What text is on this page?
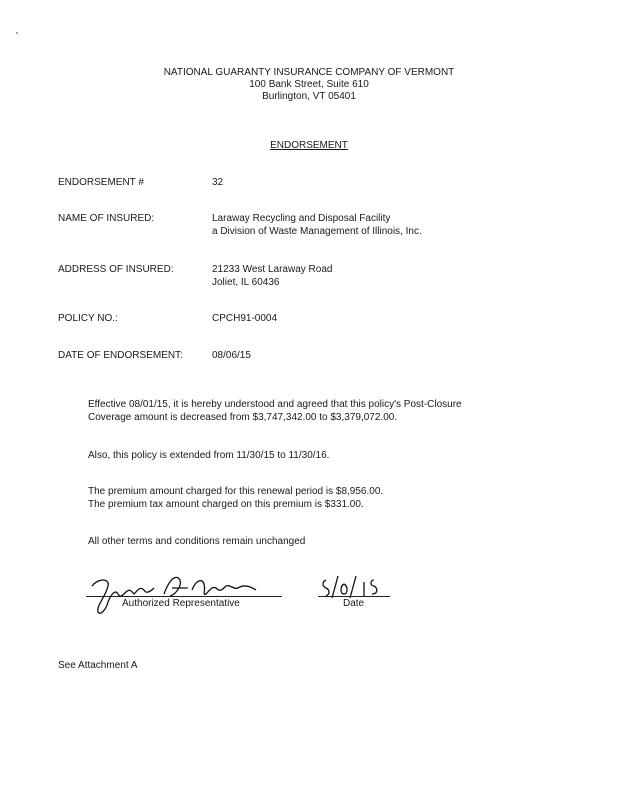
NATIONAL GUARANTY INSURANCE COMPANY OF VERMONT
100 Bank Street, Suite 610
Burlington, VT 05401
ENDORSEMENT
ENDORSEMENT #	32
NAME OF INSURED:	Laraway Recycling and Disposal Facility
a Division of Waste Management of Illinois, Inc.
ADDRESS OF INSURED:	21233 West Laraway Road
Joliet, IL 60436
POLICY NO.:	CPCH91-0004
DATE OF ENDORSEMENT:	08/06/15
Effective 08/01/15, it is hereby understood and agreed that this policy's Post-Closure
Coverage amount is decreased from $3,747,342.00 to $3,379,072.00.
Also, this policy is extended from 11/30/15 to 11/30/16.
The premium amount charged for this renewal period is $8,956.00.
The premium tax amount charged on this premium is $331.00.
All other terms and conditions remain unchanged
Authorized Representative	Date
See Attachment A
